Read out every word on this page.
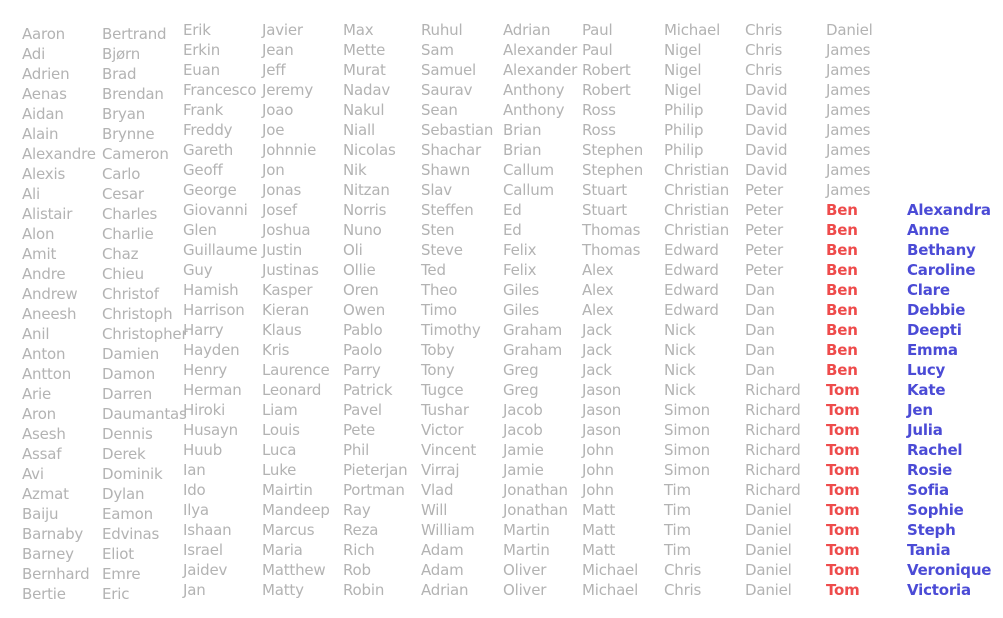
Aaron
Adi
Adrien
Aenas
Aidan
Alain
Alexandre
Alexis
Ali
Alistair
Alon
Amit
Andre
Andrew
Aneesh
Anil
Anton
Antton
Arie
Aron
Asesh
Assaf
Avi
Azmat
Baiju
Barnaby
Barney
Bernhard
Bertie
Bertrand
Bjørn
Brad
Brendan
Bryan
Brynne
Cameron
Carlo
Cesar
Charles
Charlie
Chaz
Chieu
Christof
Christoph
Christopher
Damien
Damon
Darren
Daumantas
Dennis
Derek
Dominik
Dylan
Eamon
Edvinas
Eliot
Emre
Eric
Erik
Erkin
Euan
Francesco
Frank
Freddy
Gareth
Geoff
George
Giovanni
Glen
Guillaume
Guy
Hamish
Harrison
Harry
Hayden
Henry
Herman
Hiroki
Husayn
Huub
Ian
Ido
Ilya
Ishaan
Israel
Jaidev
Jan
Javier
Jean
Jeff
Jeremy
Joao
Joe
Johnnie
Jon
Jonas
Josef
Joshua
Justin
Justinas
Kasper
Kieran
Klaus
Kris
Laurence
Leonard
Liam
Louis
Luca
Luke
Mairtin
Mandeep
Marcus
Maria
Matthew
Matty
Max
Mette
Murat
Nadav
Nakul
Niall
Nicolas
Nik
Nitzan
Norris
Nuno
Oli
Ollie
Oren
Owen
Pablo
Paolo
Parry
Patrick
Pavel
Pete
Phil
Pieterjan
Portman
Ray
Reza
Rich
Rob
Robin
Ruhul
Sam
Samuel
Saurav
Sean
Sebastian
Shachar
Shawn
Slav
Steffen
Sten
Steve
Ted
Theo
Timo
Timothy
Toby
Tony
Tugce
Tushar
Victor
Vincent
Virraj
Vlad
Will
William
Adam
Adam
Adrian
Adrian
Alexander
Alexander
Anthony
Anthony
Brian
Brian
Callum
Callum
Ed
Ed
Felix
Felix
Giles
Giles
Graham
Graham
Greg
Greg
Jacob
Jacob
Jamie
Jamie
Jonathan
Jonathan
Martin
Martin
Oliver
Oliver
Paul
Paul
Robert
Robert
Ross
Ross
Stephen
Stephen
Stuart
Stuart
Thomas
Thomas
Alex
Alex
Alex
Jack
Jack
Jack
Jason
Jason
Jason
John
John
John
Matt
Matt
Matt
Michael
Michael
Michael
Nigel
Nigel
Nigel
Philip
Philip
Philip
Christian
Christian
Christian
Christian
Edward
Edward
Edward
Edward
Nick
Nick
Nick
Nick
Simon
Simon
Simon
Simon
Tim
Tim
Tim
Tim
Chris
Chris
Chris
Chris
Chris
David
David
David
David
David
Peter
Peter
Peter
Peter
Peter
Dan
Dan
Dan
Dan
Dan
Richard
Richard
Richard
Richard
Richard
Richard
Daniel
Daniel
Daniel
Daniel
Daniel
Daniel
James
James
James
James
James
James
James
James
Ben
Ben
Ben
Ben
Ben
Ben
Ben
Ben
Ben
Tom
Tom
Tom
Tom
Tom
Tom
Tom
Tom
Tom
Tom
Tom
Alexandra
Anne
Bethany
Caroline
Clare
Debbie
Deepti
Emma
Lucy
Kate
Jen
Julia
Rachel
Rosie
Sofia
Sophie
Steph
Tania
Veronique
Victoria
